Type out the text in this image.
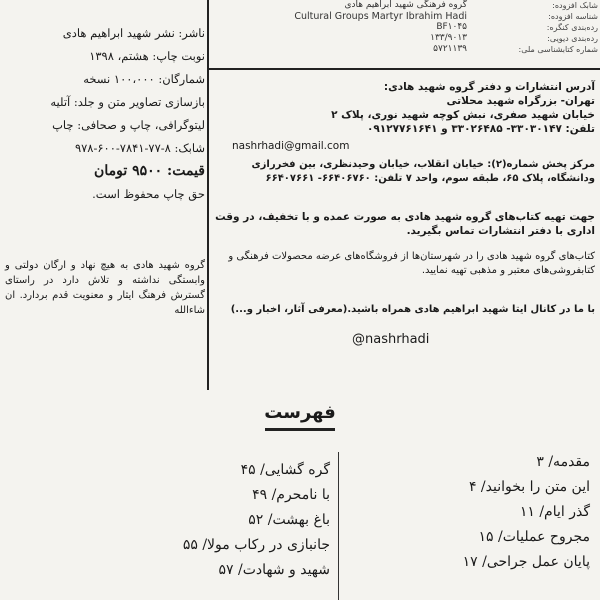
شابک افزوده:
شناسه افزوده:
رده‌بندی کنگره:
رده‌بندی دیویی:
شماره کتابشناسی ملی:
گروه فرهنگی شهید ابراهیم هادی
Cultural Groups Martyr Ibrahim Hadi
BF۱۰۴۵
۱۳۳/۹۰۱۳
۵۷۲۱۱۳۹
ناشر: نشر شهید ابراهیم هادی
نوبت چاپ: هشتم، ۱۳۹۸
شمارگان: ۱۰۰،۰۰۰ نسخه
بازسازی تصاویر متن و جلد: آتلیه
لیتوگرافی، چاپ و صحافی: چاپ
شابک: ۸-۷۷-۷۸۴۱-۶۰۰-۹۷۸
قیمت: ۹۵۰۰ تومان
حق چاپ محفوظ است.
گروه شهید هادی به هیچ نهاد و ارگان دولتی و وابستگی نداشته و تلاش دارد در راستای گسترش فرهنگ ایثار و معنویت قدم بردارد. ان شاءالله
آدرس انتشارات و دفتر گروه شهید هادی:
تهران- بزرگراه شهید محلاتی
خیابان شهید صفری، نبش کوچه شهید نوری، پلاک ۲
تلفن: ۳۳۰۳۰۱۴۷- ۳۳۰۲۶۴۸۵ و ۰۹۱۲۷۷۶۱۶۴۱
nashrhadi@gmail.com
مرکز پخش شماره(۲): خیابان انقلاب، خیابان وحیدنظری، بین فخررازی
ودانشگاه، پلاک ۶۵، طبقه سوم، واحد ۷ تلفن: ۶۶۴۰۶۷۶۰- ۶۶۴۰۷۶۶۱
جهت تهیه کتاب‌های گروه شهید هادی به صورت عمده و با تخفیف، در وقت اداری با دفتر انتشارات تماس بگیرید.
کتاب‌های گروه شهید هادی را در شهرستان‌ها از فروشگاه‌های عرضه محصولات فرهنگی و کتابفروشی‌های معتبر و مذهبی تهیه نمایید.
با ما در کانال ایتا شهید ابراهیم هادی همراه باشید.(معرفی آثار، اخبار و...)
@nashrhadi
فهرست
مقدمه/ ۳
این متن را بخوانید/ ۴
گذر ایام/ ۱۱
مجروح عملیات/ ۱۵
پایان عمل جراحی/ ۱۷
گره گشایی/ ۴۵
با نامحرم/ ۴۹
باغ بهشت/ ۵۲
جانبازی در رکاب مولا/ ۵۵
شهید و شهادت/ ۵۷
